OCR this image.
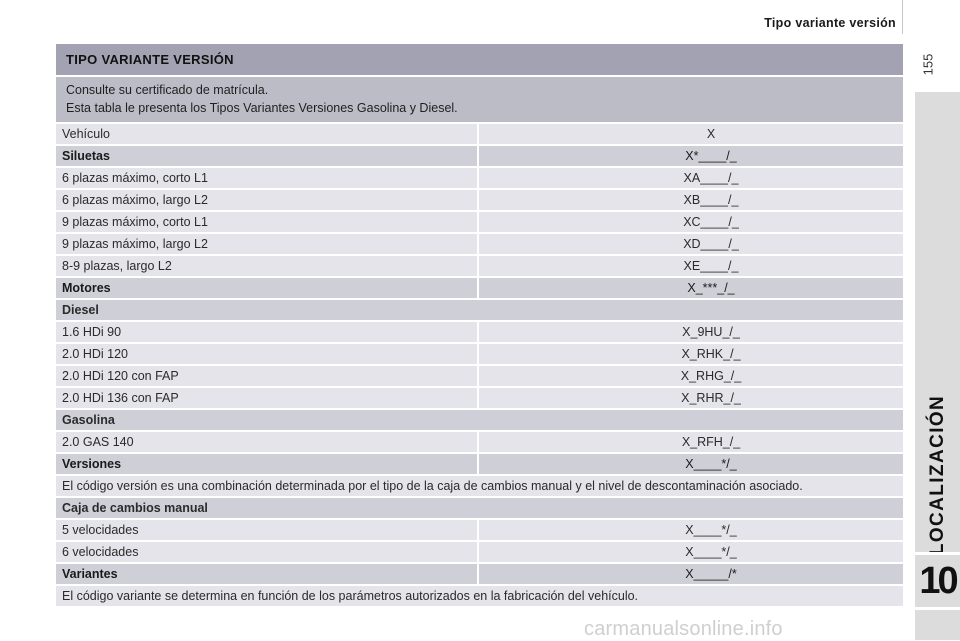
Tipo variante versión
155
LOCALIZACIÓN
10
TIPO VARIANTE VERSIÓN
Consulte su certificado de matrícula.
Esta tabla le presenta los Tipos Variantes Versiones Gasolina y Diesel.
Vehículo	X
Siluetas	X*____/_
6 plazas máximo, corto L1	XA____/_
6 plazas máximo, largo L2	XB____/_
9 plazas máximo, corto L1	XC____/_
9 plazas máximo, largo L2	XD____/_
8-9 plazas, largo L2	XE____/_
Motores	X_***_/_
Diesel
1.6 HDi 90	X_9HU_/_
2.0 HDi 120	X_RHK_/_
2.0 HDi 120 con FAP	X_RHG_/_
2.0 HDi 136 con FAP	X_RHR_/_
Gasolina
2.0 GAS 140	X_RFH_/_
Versiones	X____*/_
El código versión es una combinación determinada por el tipo de la caja de cambios manual y el nivel de descontaminación asociado.
Caja de cambios manual
5 velocidades	X____*/_
6 velocidades	X____*/_
Variantes	X_____/*
El código variante se determina en función de los parámetros autorizados en la fabricación del vehículo.
carmanualsonline.info
